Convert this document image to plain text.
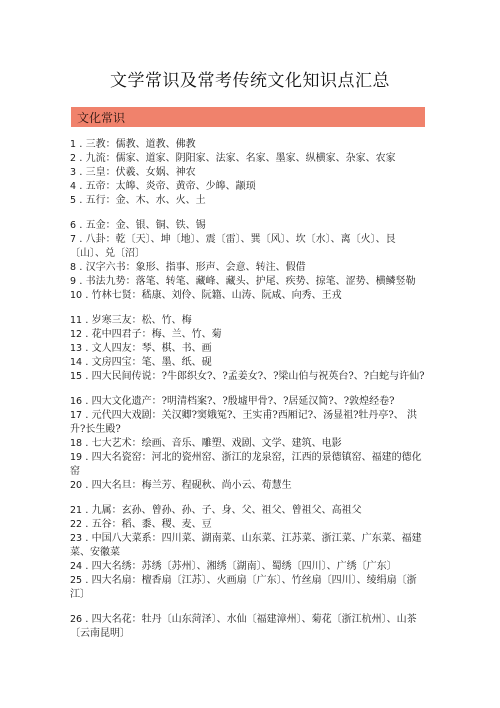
文学常识及常考传统文化知识点汇总
文化常识

1 . 三教：儒教、道教、佛教

2 . 九流：儒家、道家、阴阳家、法家、名家、墨家、纵横家、杂家、农家

3 . 三皇：伏羲、女娲、神农

4 . 五帝：太皞、炎帝、黄帝、少皞、颛顼

5 . 五行：金、木、水、火、土

6 . 五金：金、银、铜、铁、锡

7 . 八卦：乾〔天〕、坤〔地〕、震〔雷〕、巽〔风〕、坎〔水〕、离〔火〕、艮〔山〕、兑〔沼〕

8 . 汉字六书：象形、指事、形声、会意、转注、假借

9 . 书法九势：落笔、转笔、藏峰、藏头、护尾、疾势、掠笔、涩势、横鳞竖勒

10 . 竹林七贤：嵇康、刘伶、阮籍、山涛、阮咸、向秀、王戎

11 . 岁寒三友：松、竹、梅

12 . 花中四君子：梅、兰、竹、菊

13 . 文人四友：琴、棋、书、画

14 . 文房四宝：笔、墨、纸、砚

15 . 四大民间传说：?牛郎织女?、?孟姜女?、?梁山伯与祝英台?、?白蛇与许仙?

16 . 四大文化遗产：?明清档案?、?殷墟甲骨?、?居延汉简?、?敦煌经卷?

17 . 元代四大戏剧：关汉卿?窦娥冤?、王实甫?西厢记?、汤显祖?牡丹亭?、 洪升?长生殿?

18 . 七大艺术：绘画、音乐、雕塑、戏剧、文学、建筑、电影

19 . 四大名瓷窑：河北的瓷州窑、浙江的龙泉窑，江西的景德镇窑、福建的德化窑

20 . 四大名旦：梅兰芳、程砚秋、尚小云、荀慧生

21 . 九属：玄孙、曾孙、孙、子、身、父、祖父、曾祖父、高祖父

22 . 五谷：稻、黍、稷、麦、豆

23 . 中国八大菜系：四川菜、湖南菜、山东菜、江苏菜、浙江菜、广东菜、福建菜、安徽菜

24 . 四大名绣：苏绣〔苏州〕、湘绣〔湖南〕、蜀绣〔四川〕、广绣〔广东〕

25 . 四大名扇：檀香扇〔江苏〕、火画扇〔广东〕、竹丝扇〔四川〕、绫绢扇〔浙江〕

26 . 四大名花：牡丹〔山东菏泽〕、水仙〔福建漳州〕、菊花〔浙江杭州〕、山茶〔云南昆明〕
